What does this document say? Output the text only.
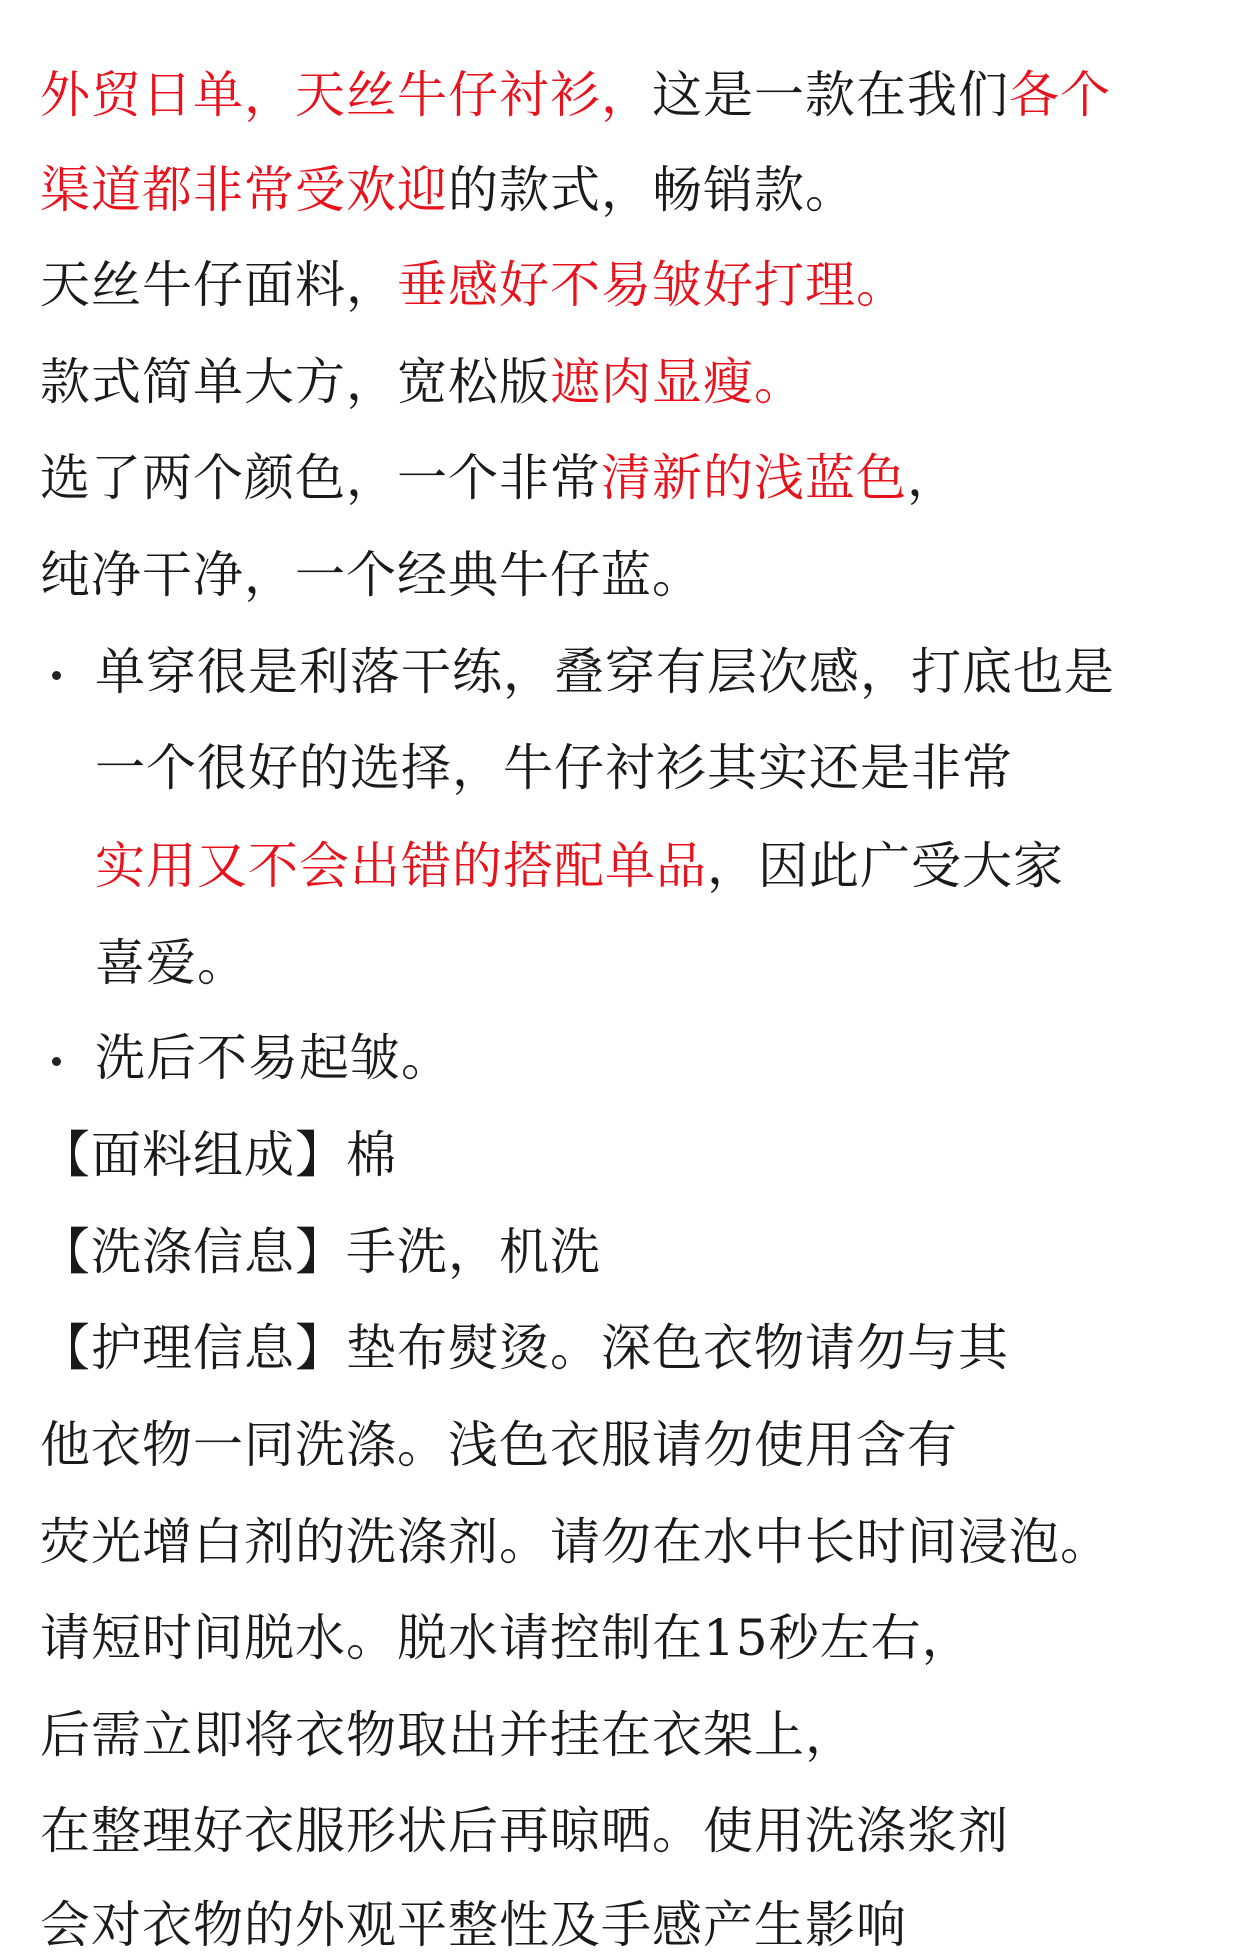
外贸日单，天丝牛仔衬衫，这是一款在我们各个
渠道都非常受欢迎的款式，畅销款。
天丝牛仔面料，垂感好不易皱好打理。
款式简单大方，宽松版遮肉显瘦。
选了两个颜色，一个非常清新的浅蓝色，
纯净干净，一个经典牛仔蓝。
单穿很是利落干练，叠穿有层次感，打底也是
一个很好的选择，牛仔衬衫其实还是非常
实用又不会出错的搭配单品，因此广受大家
喜爱。
洗后不易起皱。
【面料组成】棉
【洗涤信息】手洗，机洗
【护理信息】垫布熨烫。深色衣物请勿与其
他衣物一同洗涤。浅色衣服请勿使用含有
荧光增白剂的洗涤剂。请勿在水中长时间浸泡。
请短时间脱水。脱水请控制在15秒左右，
后需立即将衣物取出并挂在衣架上，
在整理好衣服形状后再晾晒。使用洗涤浆剂
会对衣物的外观平整性及手感产生影响
